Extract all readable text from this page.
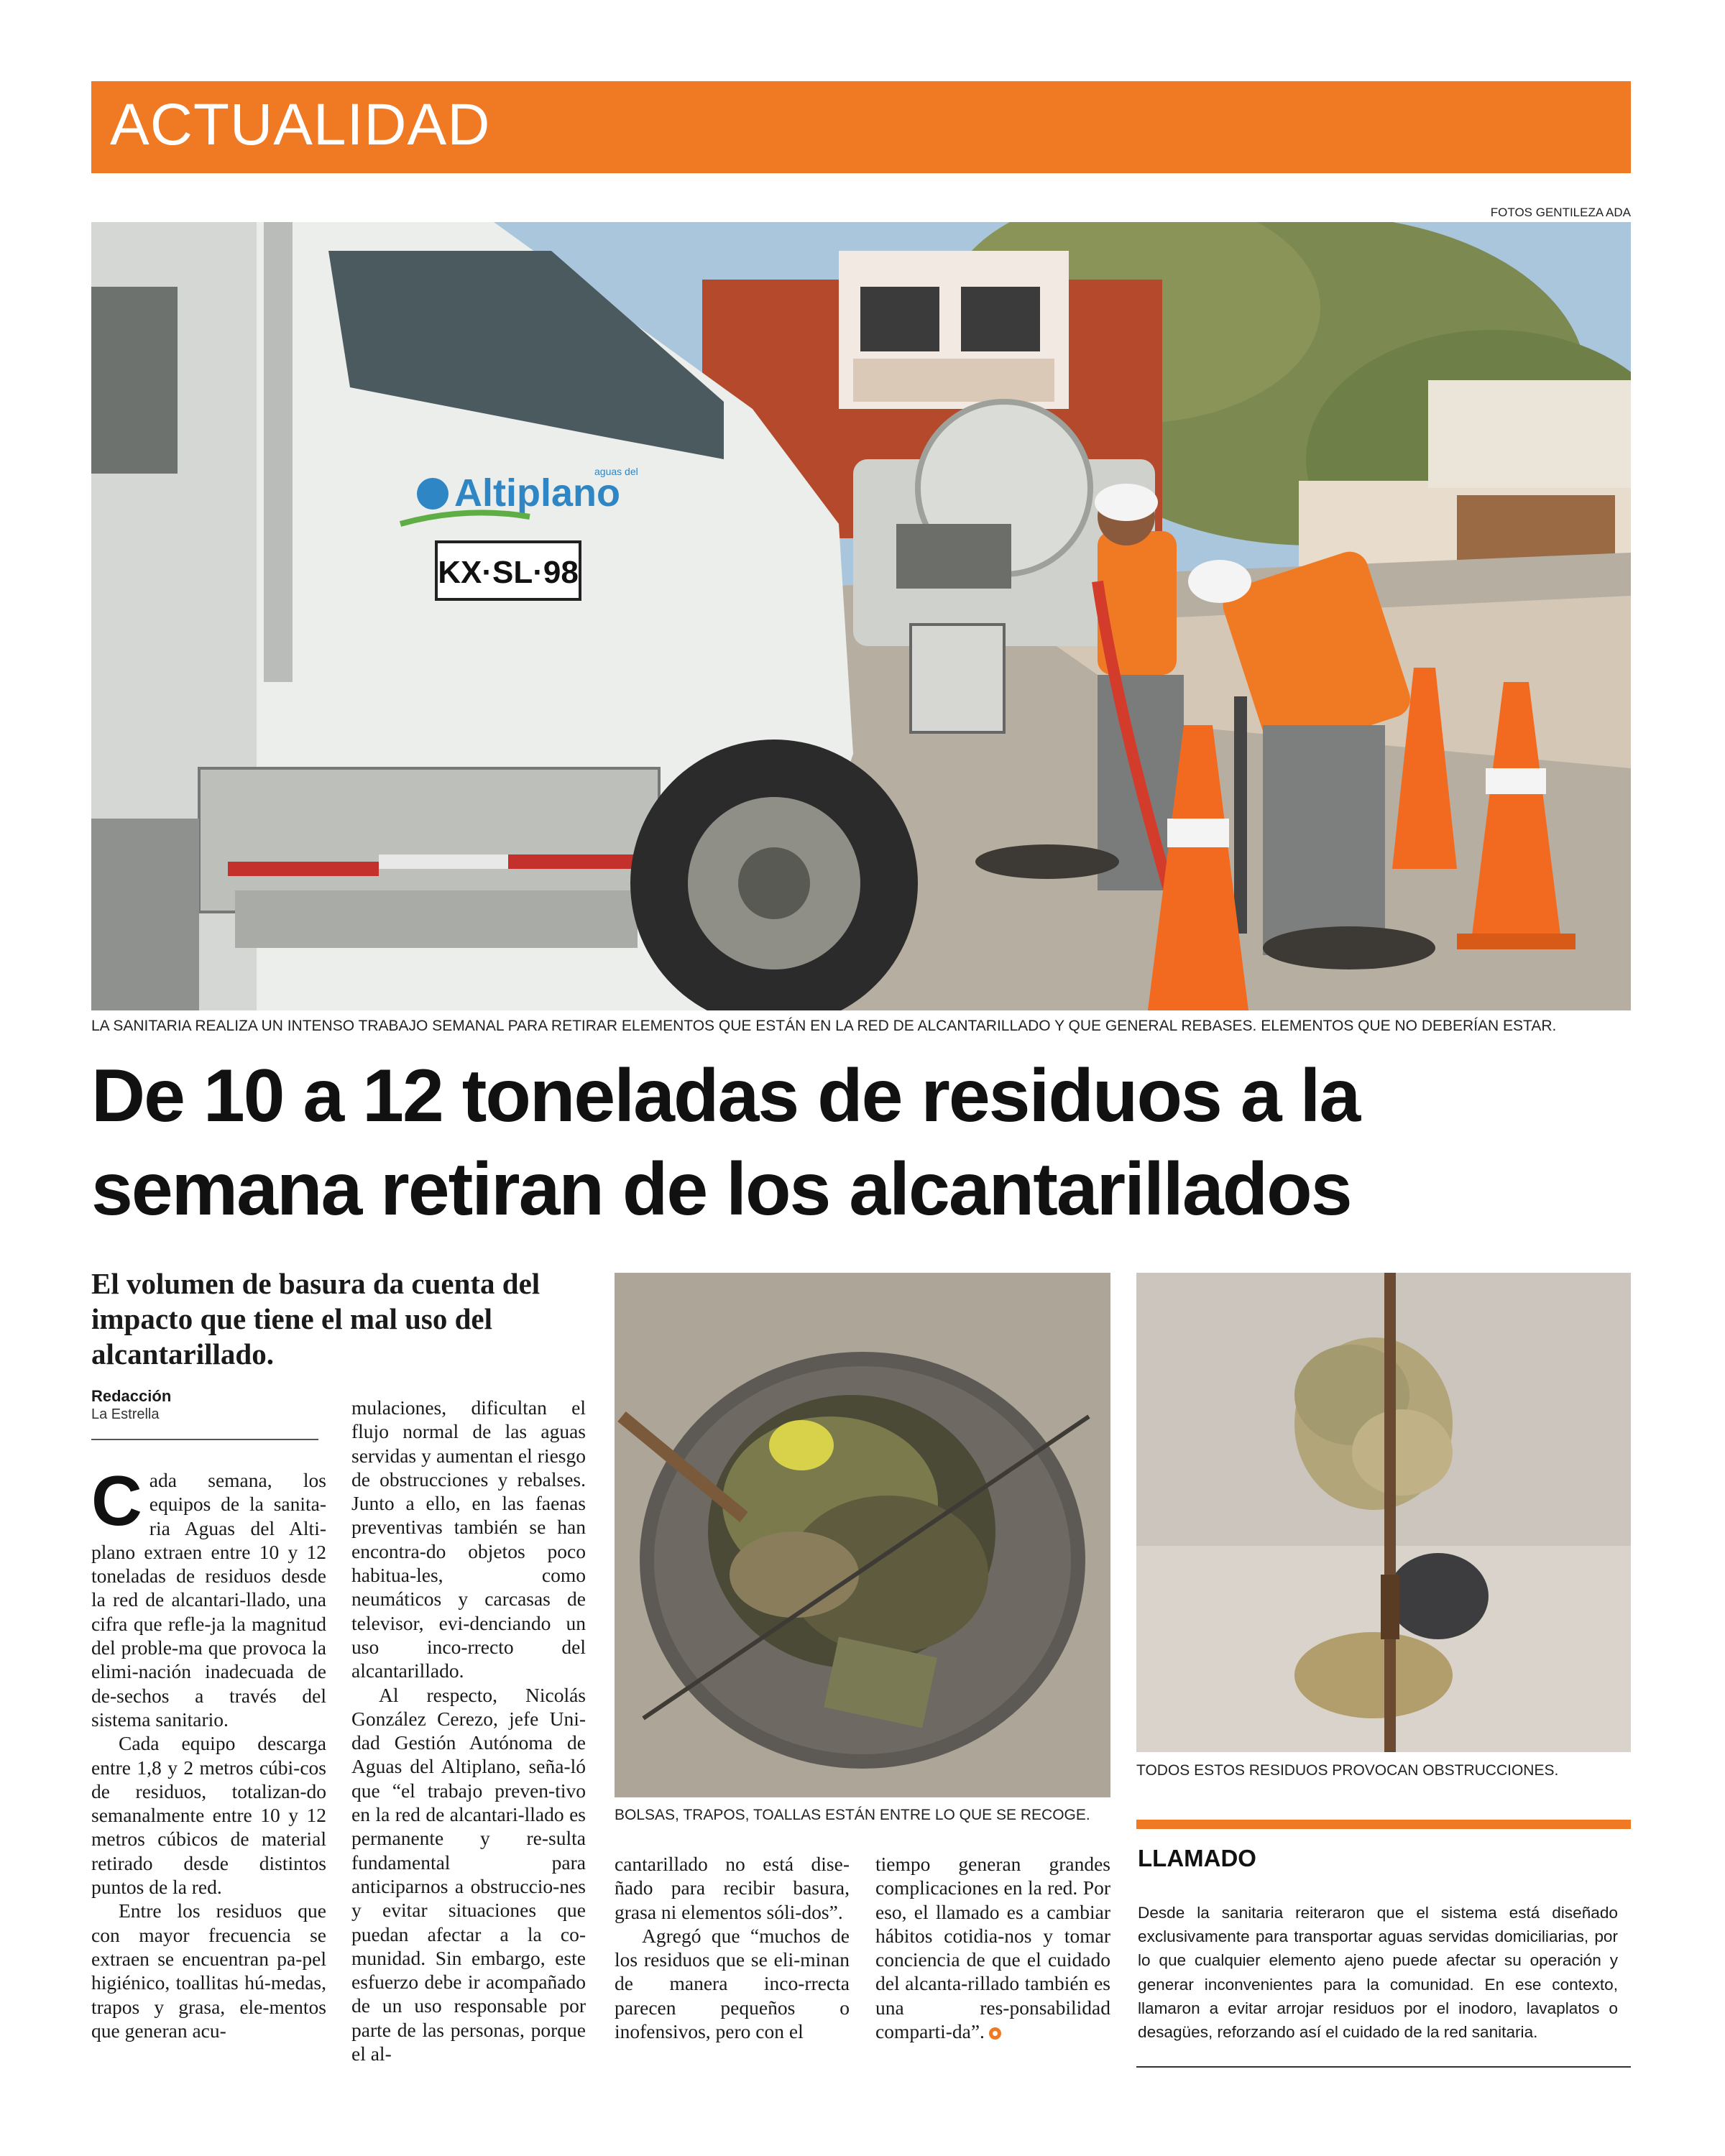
ACTUALIDAD
FOTOS GENTILEZA ADA
Altiplano
aguas del
KX·SL·98
LA SANITARIA REALIZA UN INTENSO TRABAJO SEMANAL PARA RETIRAR ELEMENTOS QUE ESTÁN EN LA RED DE ALCANTARILLADO Y QUE GENERAL REBASES. ELEMENTOS QUE NO DEBERÍAN ESTAR.
De 10 a 12 toneladas de residuos a la semana retiran de los alcantarillados

El volumen de basura da cuenta del impacto que tiene el mal uso del alcantarillado.

Redacción
La Estrella

Cada semana, los equipos de la sanita-ria Aguas del Alti-plano extraen entre 10 y 12 toneladas de residuos desde la red de alcantari-llado, una cifra que refle-ja la magnitud del proble-ma que provoca la elimi-nación inadecuada de de-sechos a través del sistema sanitario.

Cada equipo descarga entre 1,8 y 2 metros cúbi-cos de residuos, totalizan-do semanalmente entre 10 y 12 metros cúbicos de material retirado desde distintos puntos de la red.

Entre los residuos que con mayor frecuencia se extraen se encuentran pa-pel higiénico, toallitas hú-medas, trapos y grasa, ele-mentos que generan acu-

mulaciones, dificultan el flujo normal de las aguas servidas y aumentan el riesgo de obstrucciones y rebalses. Junto a ello, en las faenas preventivas también se han encontra-do objetos poco habitua-les, como neumáticos y carcasas de televisor, evi-denciando un uso inco-rrecto del alcantarillado.

Al respecto, Nicolás González Cerezo, jefe Uni-dad Gestión Autónoma de Aguas del Altiplano, seña-ló que “el trabajo preven-tivo en la red de alcantari-llado es permanente y re-sulta fundamental para anticiparnos a obstruccio-nes y evitar situaciones que puedan afectar a la co-munidad. Sin embargo, este esfuerzo debe ir acompañado de un uso responsable por parte de las personas, porque el al-

BOLSAS, TRAPOS, TOALLAS ESTÁN ENTRE LO QUE SE RECOGE.
TODOS ESTOS RESIDUOS PROVOCAN OBSTRUCCIONES.

cantarillado no está dise-ñado para recibir basura, grasa ni elementos sóli-dos”.

Agregó que “muchos de los residuos que se eli-minan de manera inco-rrecta parecen pequeños o inofensivos, pero con el

tiempo generan grandes complicaciones en la red. Por eso, el llamado es a cambiar hábitos cotidia-nos y tomar conciencia de que el cuidado del alcanta-rillado también es una res-ponsabilidad comparti-da”.

LLAMADO

Desde la sanitaria reiteraron que el sistema está diseñado exclusivamente para transportar aguas servidas domiciliarias, por lo que cualquier elemento ajeno puede afectar su operación y generar inconvenientes para la comunidad. En ese contexto, llamaron a evitar arrojar residuos por el inodoro, lavaplatos o desagües, reforzando así el cuidado de la red sanitaria.
